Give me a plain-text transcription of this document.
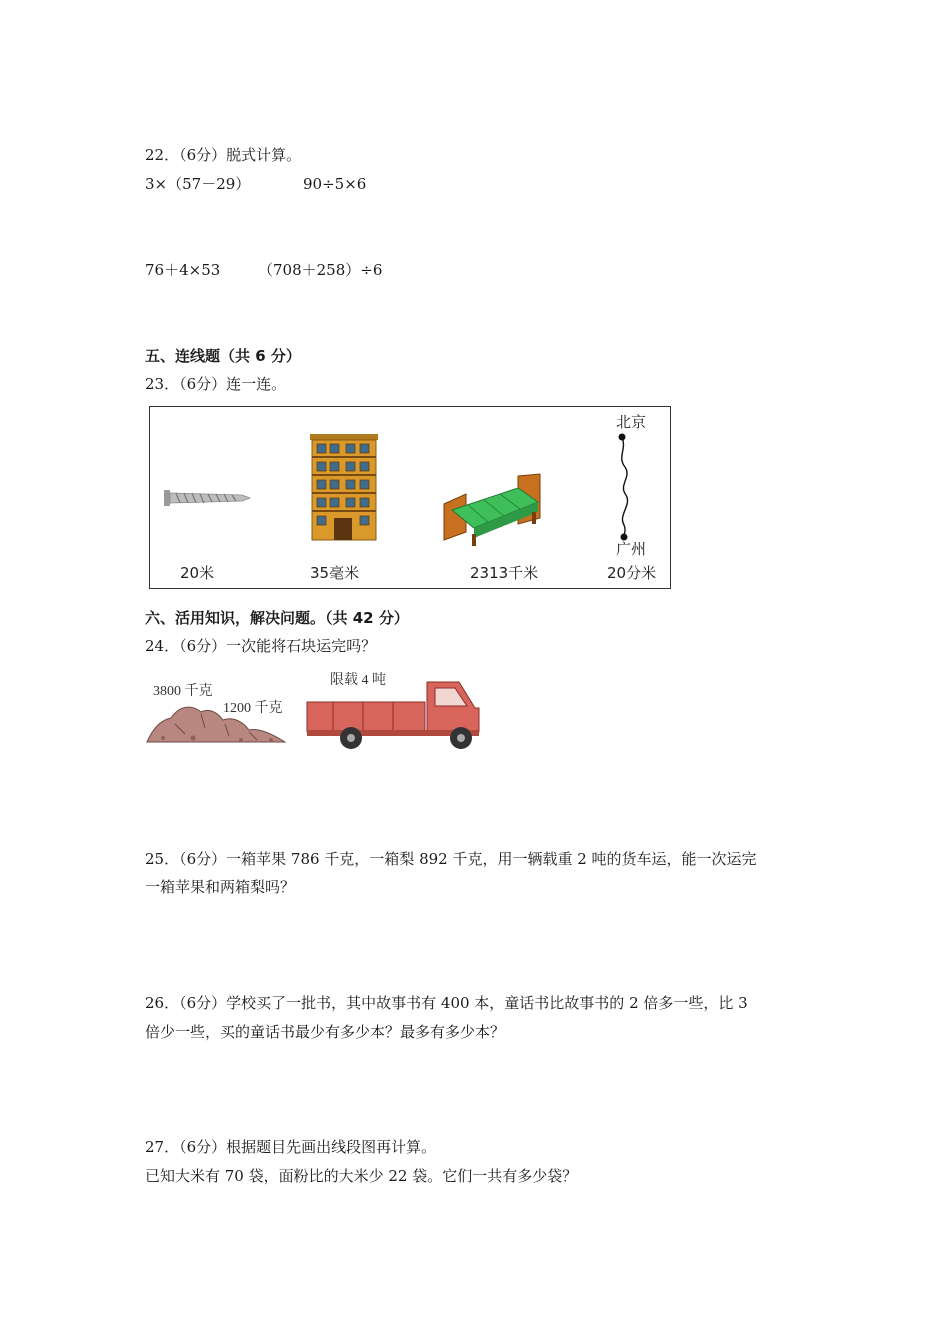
22．（6分）脱式计算。
3×（57－29）	90÷5×6
76＋4×53	（708＋258）÷6
五、连线题（共 6 分）
23．（6分）连一连。
北京
广州
20米	35毫米	2313千米	20分米
六、活用知识，解决问题。（共 42 分）
24．（6分）一次能将石块运完吗？
3800 千克
1200 千克
限载 4 吨
25．（6分）一箱苹果 786 千克，一箱梨 892 千克，用一辆载重 2 吨的货车运，能一次运完
一箱苹果和两箱梨吗？
26．（6分）学校买了一批书，其中故事书有 400 本，童话书比故事书的 2 倍多一些，比 3
倍少一些，买的童话书最少有多少本？最多有多少本？
27．（6分）根据题目先画出线段图再计算。
已知大米有 70 袋，面粉比的大米少 22 袋。它们一共有多少袋？
